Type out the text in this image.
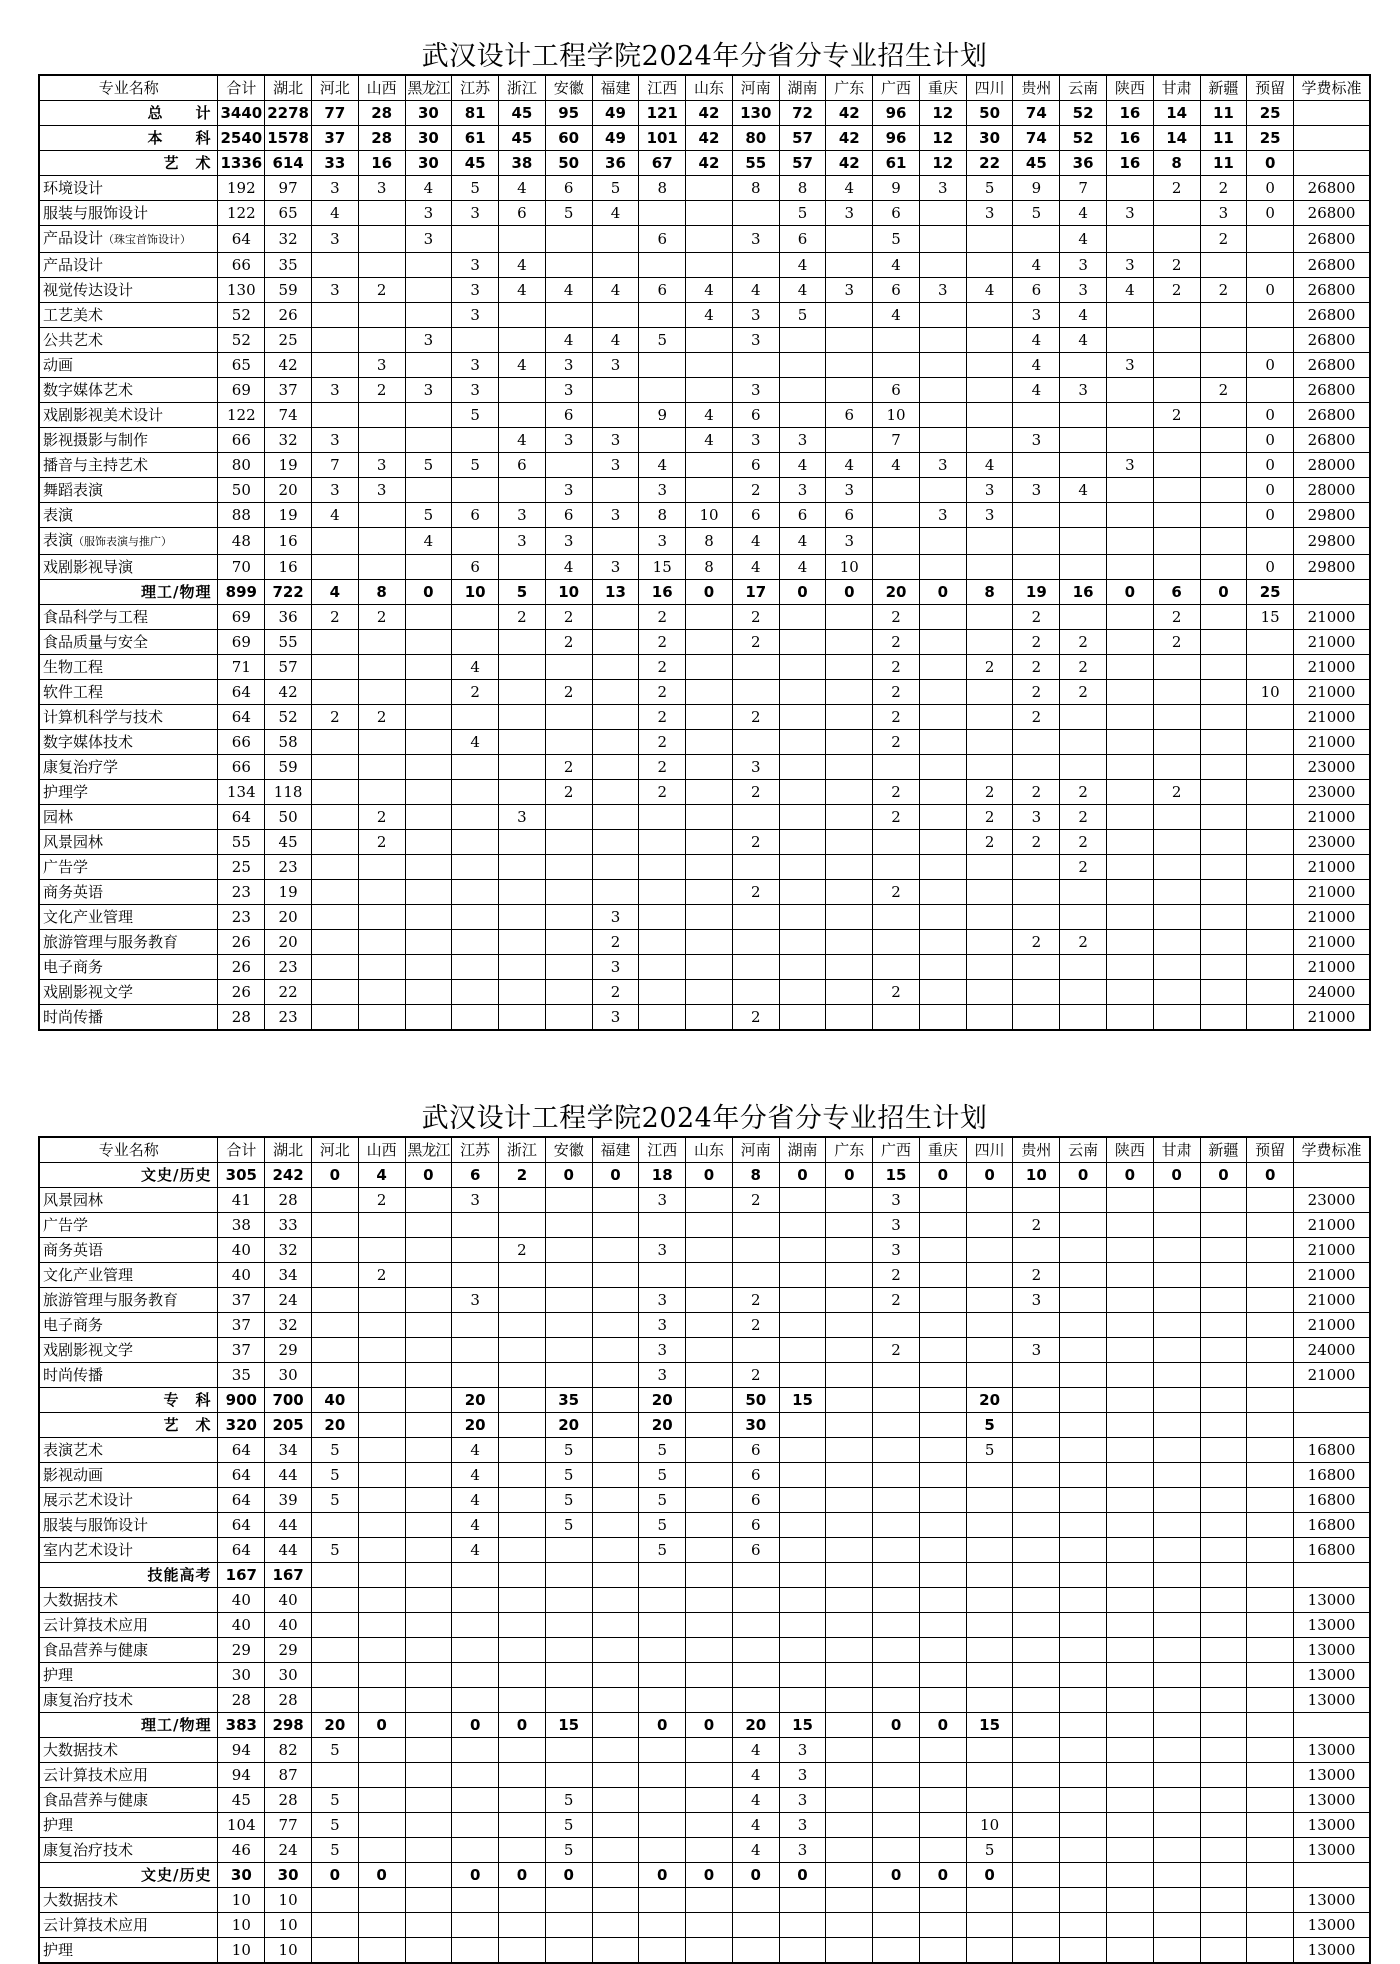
武汉设计工程学院2024年分省分专业招生计划
专业名称	合计	湖北	河北	山西	黑龙江	江苏	浙江	安徽	福建	江西	山东	河南	湖南	广东	广西	重庆	四川	贵州	云南	陕西	甘肃	新疆	预留	学费标准
总　　计	3440	2278	77	28	30	81	45	95	49	121	42	130	72	42	96	12	50	74	52	16	14	11	25	
本　　科	2540	1578	37	28	30	61	45	60	49	101	42	80	57	42	96	12	30	74	52	16	14	11	25	
艺　术	1336	614	33	16	30	45	38	50	36	67	42	55	57	42	61	12	22	45	36	16	8	11	0	
环境设计	192	97	3	3	4	5	4	6	5	8		8	8	4	9	3	5	9	7		2	2	0	26800
服装与服饰设计	122	65	4		3	3	6	5	4				5	3	6		3	5	4	3		3	0	26800
产品设计（珠宝首饰设计）	64	32	3		3					6		3	6		5				4			2		26800
产品设计	66	35				3	4						4		4			4	3	3	2			26800
视觉传达设计	130	59	3	2		3	4	4	4	6	4	4	4	3	6	3	4	6	3	4	2	2	0	26800
工艺美术	52	26				3					4	3	5		4			3	4					26800
公共艺术	52	25			3			4	4	5		3						4	4					26800
动画	65	42		3		3	4	3	3									4		3			0	26800
数字媒体艺术	69	37	3	2	3	3		3				3			6			4	3			2		26800
戏剧影视美术设计	122	74				5		6		9	4	6		6	10						2		0	26800
影视摄影与制作	66	32	3				4	3	3		4	3	3		7			3					0	26800
播音与主持艺术	80	19	7	3	5	5	6		3	4		6	4	4	4	3	4			3			0	28000
舞蹈表演	50	20	3	3				3		3		2	3	3			3	3	4				0	28000
表演	88	19	4		5	6	3	6	3	8	10	6	6	6		3	3						0	29800
表演（服饰表演与推广）	48	16			4		3	3		3	8	4	4	3										29800
戏剧影视导演	70	16				6		4	3	15	8	4	4	10									0	29800
理工/物理	899	722	4	8	0	10	5	10	13	16	0	17	0	0	20	0	8	19	16	0	6	0	25	
食品科学与工程	69	36	2	2			2	2		2		2			2			2			2		15	21000
食品质量与安全	69	55						2		2		2			2			2	2		2			21000
生物工程	71	57				4				2					2		2	2	2					21000
软件工程	64	42				2		2		2					2			2	2				10	21000
计算机科学与技术	64	52	2	2						2		2			2			2						21000
数字媒体技术	66	58				4				2					2									21000
康复治疗学	66	59						2		2		3												23000
护理学	134	118						2		2		2			2		2	2	2		2			23000
园林	64	50		2			3								2		2	3	2					21000
风景园林	55	45		2								2					2	2	2					23000
广告学	25	23																	2					21000
商务英语	23	19										2			2									21000
文化产业管理	23	20							3															21000
旅游管理与服务教育	26	20							2									2	2					21000
电子商务	26	23							3															21000
戏剧影视文学	26	22							2						2									24000
时尚传播	28	23							3			2												21000
武汉设计工程学院2024年分省分专业招生计划
专业名称	合计	湖北	河北	山西	黑龙江	江苏	浙江	安徽	福建	江西	山东	河南	湖南	广东	广西	重庆	四川	贵州	云南	陕西	甘肃	新疆	预留	学费标准
文史/历史	305	242	0	4	0	6	2	0	0	18	0	8	0	0	15	0	0	10	0	0	0	0	0	
风景园林	41	28		2		3				3		2			3									23000
广告学	38	33													3			2						21000
商务英语	40	32					2			3					3									21000
文化产业管理	40	34		2											2			2						21000
旅游管理与服务教育	37	24				3				3		2			2			3						21000
电子商务	37	32								3		2												21000
戏剧影视文学	37	29								3					2			3						24000
时尚传播	35	30								3		2												21000
专　科	900	700	40			20		35		20		50	15				20							
艺　术	320	205	20			20		20		20		30					5							
表演艺术	64	34	5			4		5		5		6					5							16800
影视动画	64	44	5			4		5		5		6												16800
展示艺术设计	64	39	5			4		5		5		6												16800
服装与服饰设计	64	44				4		5		5		6												16800
室内艺术设计	64	44	5			4				5		6												16800
技能高考	167	167																						
大数据技术	40	40																						13000
云计算技术应用	40	40																						13000
食品营养与健康	29	29																						13000
护理	30	30																						13000
康复治疗技术	28	28																						13000
理工/物理	383	298	20	0		0	0	15		0	0	20	15		0	0	15							
大数据技术	94	82	5									4	3											13000
云计算技术应用	94	87										4	3											13000
食品营养与健康	45	28	5					5				4	3											13000
护理	104	77	5					5				4	3				10							13000
康复治疗技术	46	24	5					5				4	3				5							13000
文史/历史	30	30	0	0		0	0	0		0	0	0	0		0	0	0							
大数据技术	10	10																						13000
云计算技术应用	10	10																						13000
护理	10	10																						13000
